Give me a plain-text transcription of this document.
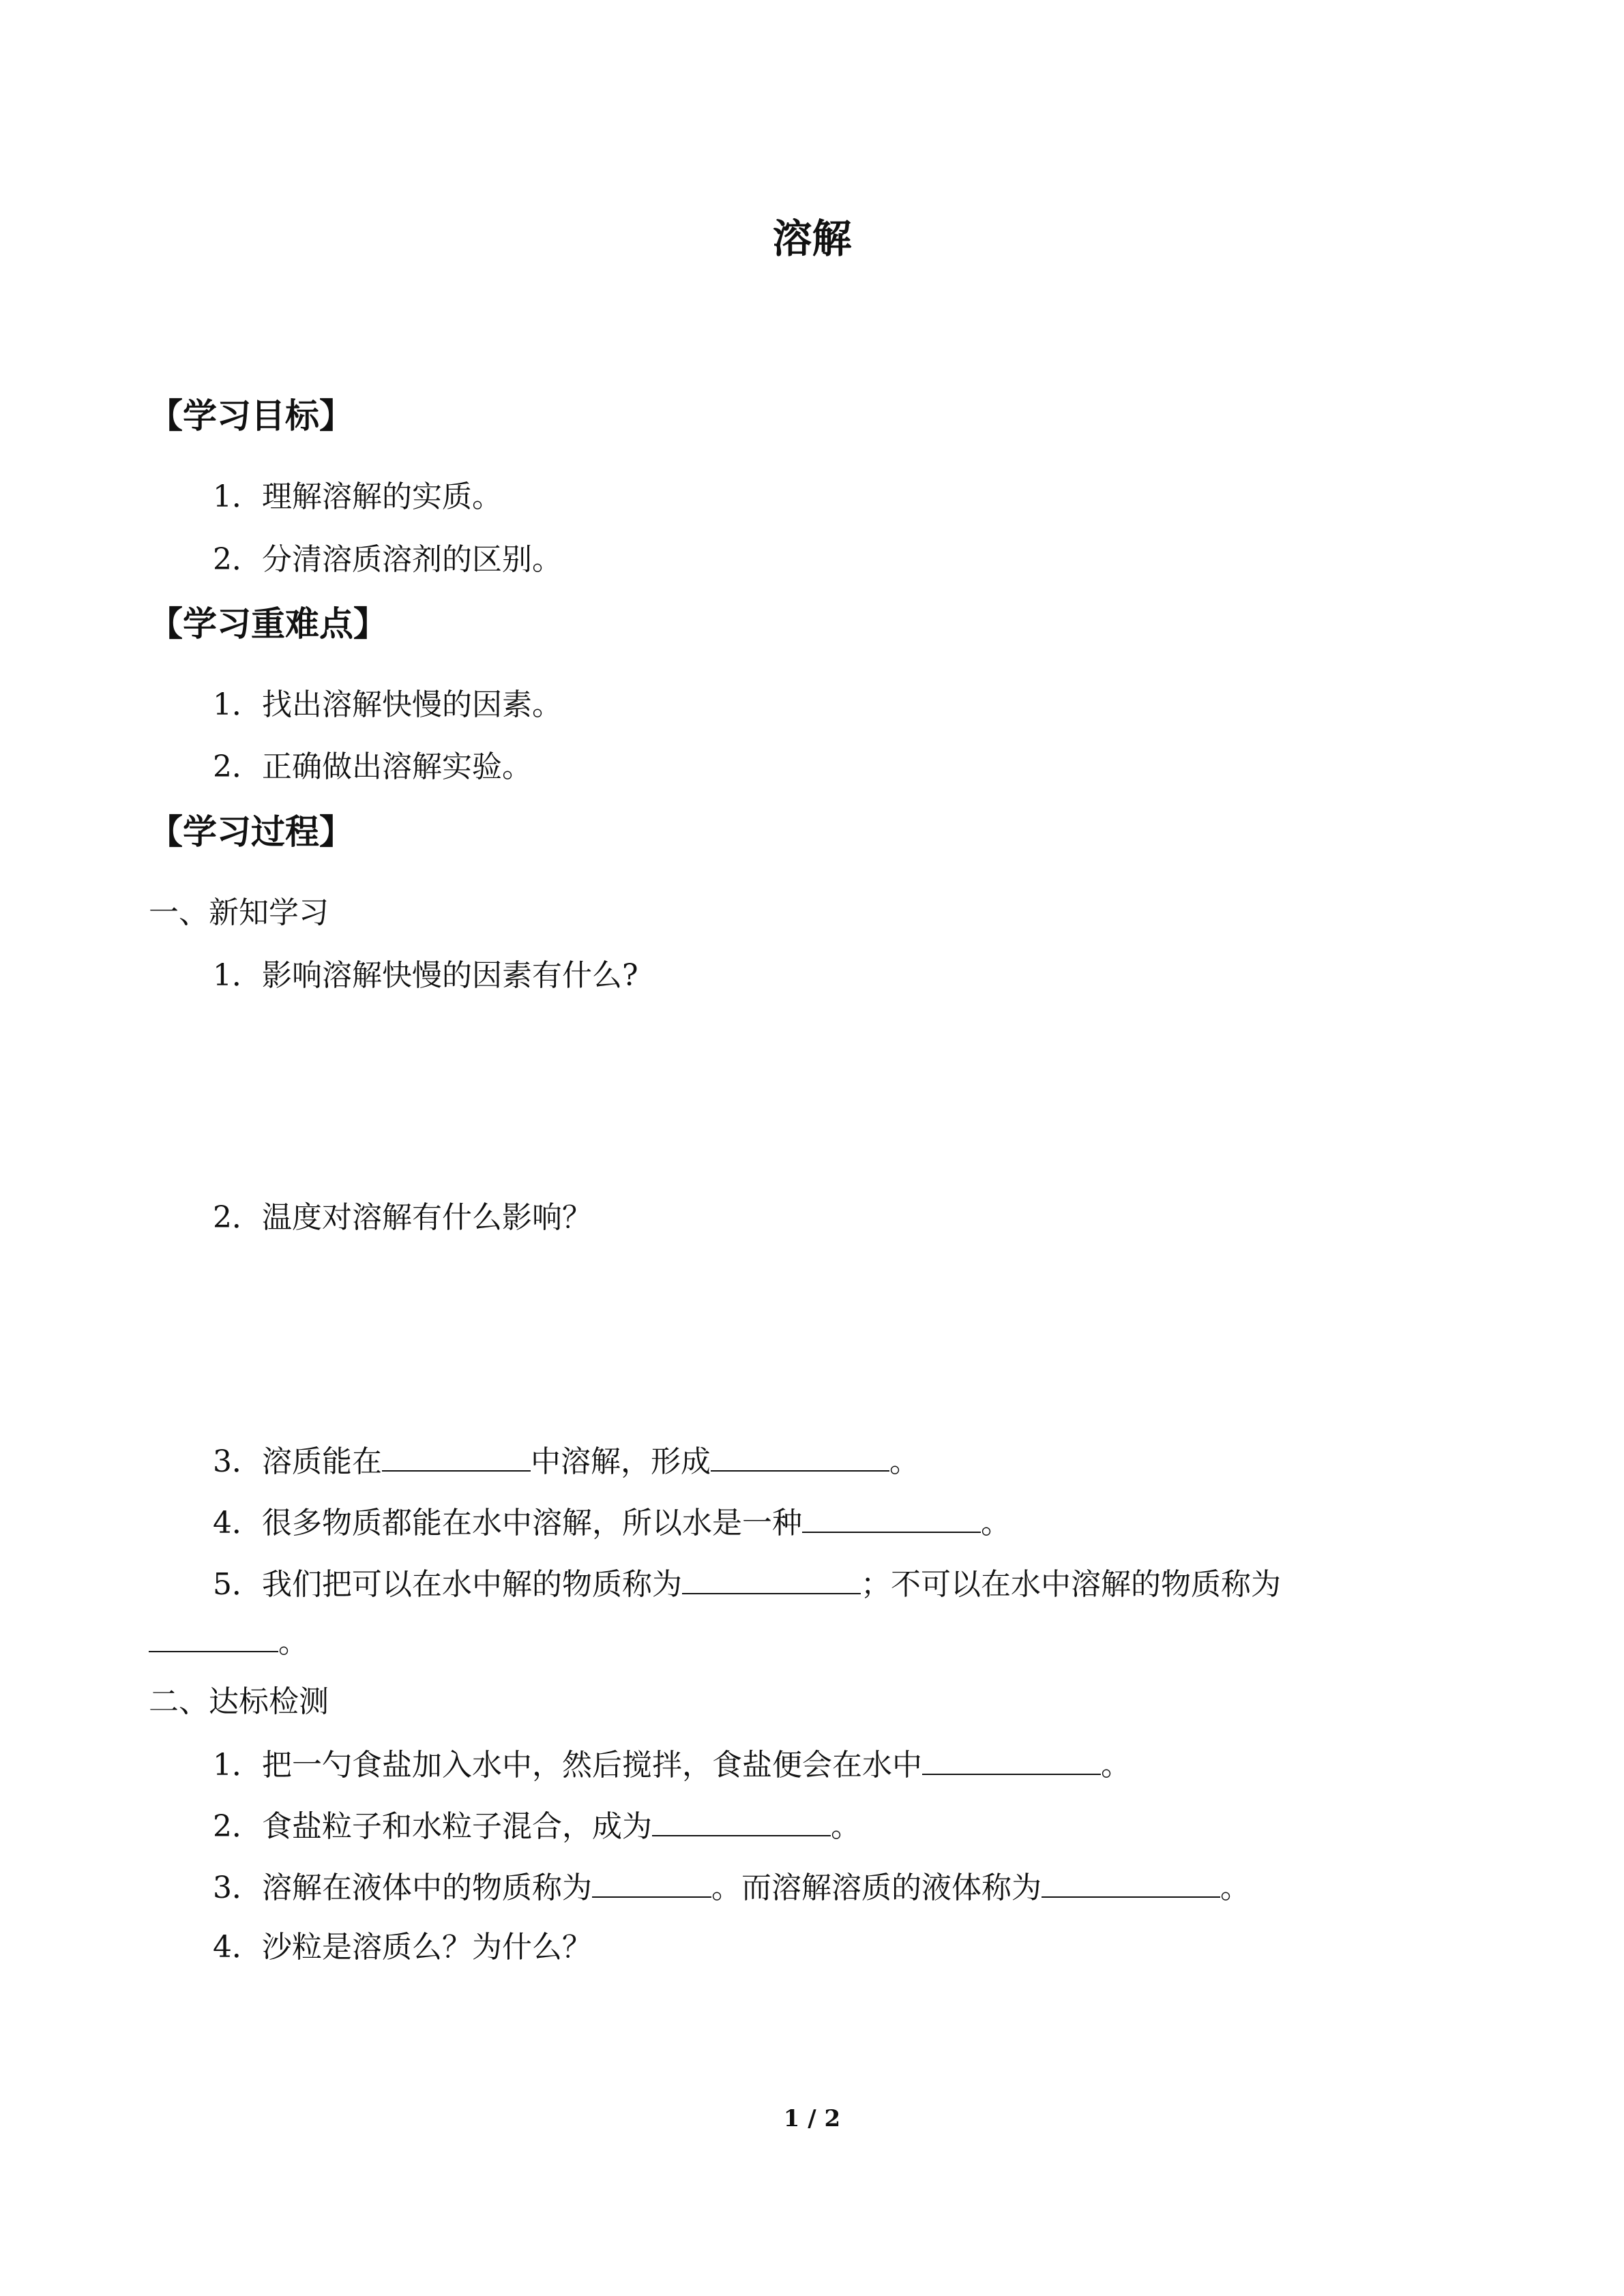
溶解
【学习目标】
1．理解溶解的实质。
2．分清溶质溶剂的区别。
【学习重难点】
1．找出溶解快慢的因素。
2．正确做出溶解实验。
【学习过程】
一、新知学习
1．影响溶解快慢的因素有什么?
2．温度对溶解有什么影响？
3．溶质能在	中溶解，形成	。
4．很多物质都能在水中溶解，所以水是一种	。
5．我们把可以在水中解的物质称为	；不可以在水中溶解的物质称为
。
二、达标检测
1．把一勺食盐加入水中，然后搅拌，食盐便会在水中	。
2．食盐粒子和水粒子混合，成为	。
3．溶解在液体中的物质称为	。而溶解溶质的液体称为	。
4．沙粒是溶质么？为什么？
1 / 2
